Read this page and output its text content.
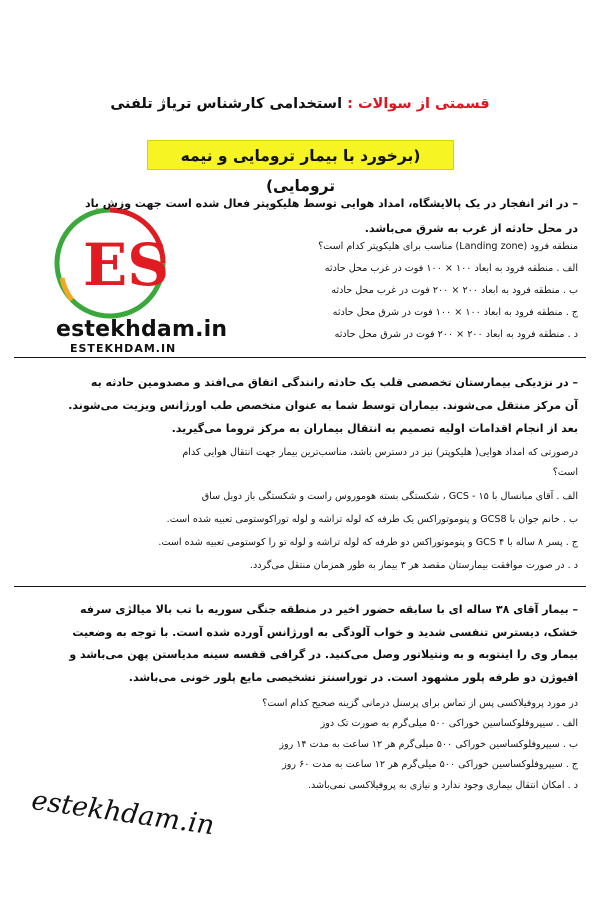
قسمتی از سوالات : استخدامی کارشناس تریاژ تلفنی
(برخورد با بیمار ترومایی و نیمه ترومایی)
ES
estekhdam.in
ESTEKHDAM.IN
– در اثر انفجار در یک پالایشگاه، امداد هوایی توسط هلیکوپتر فعال شده است جهت وزش باد
در محل حادثه از غرب به شرق می‌باشد.
منطقه فرود (Landing zone) مناسب برای هلیکوپتر کدام است؟
الف . منطقه فرود به ابعاد ۱۰۰ × ۱۰۰ فوت در غرب محل حادثه
ب . منطقه فرود به ابعاد ۲۰۰ × ۲۰۰ فوت در غرب محل حادثه
ج . منطقه فرود به ابعاد ۱۰۰ × ۱۰۰ فوت در شرق محل حادثه
د . منطقه فرود به ابعاد ۲۰۰ × ۲۰۰ فوت در شرق محل حادثه
– در نزدیکی بیمارستان تخصصی قلب یک حادثه رانندگی اتفاق می‌افتد و مصدومین حادثه به
آن مرکز منتقل می‌شوند. بیماران توسط شما به عنوان متخصص طب اورژانس ویزیت می‌شوند.
بعد از انجام اقدامات اولیه تصمیم به انتقال بیماران به مرکز تروما می‌گیرید.
درصورتی که امداد هوایی( هلیکوپتر) نیز در دسترس باشد، مناسب‌ترین بیمار جهت انتقال هوایی کدام
است؟
الف . آقای مبانسال با GCS - ۱۵ ، شکستگی بسته هوموروس راست و شکستگی باز دوبل ساق
ب . خانم جوان با GCS8 و پنوموتوراکس یک طرفه که لوله تراشه و لوله توراکوستومی تعبیه شده است.
ج . پسر ۸ ساله با GCS ۴ و پنوموتوراکس دو طرفه که لوله تراشه و لوله تو را کوستومی تعبیه شده است.
د . در صورت موافقت بیمارستان مقصد هر ۳ بیمار به طور همزمان منتقل می‌گردد.
– بیمار آقای ۳۸ ساله ای با سابقه حضور اخیر در منطقه جنگی سوریه با تب بالا میالژی سرفه
خشک، دیسترس تنفسی شدید و خواب آلودگی به اورژانس آورده شده است. با توجه به وضعیت
بیمار وی را اینتوبه و به ونتیلاتور وصل می‌کنید. در گرافی قفسه سینه مدیاستن پهن می‌باشد و
افیوژن دو طرفه پلور مشهود است. در توراسنتز تشخیصی مایع پلور خونی می‌باشد.
در مورد پروفیلاکسی پس از تماس برای پرسنل درمانی گزینه صحیح کدام است؟
الف . سیپروفلوکساسین خوراکی ۵۰۰ میلی‌گرم به صورت تک دوز
ب . سیپروفلوکساسین خوراکی ۵۰۰ میلی‌گرم هر ۱۲ ساعت به مدت ۱۴ روز
ج . سیپروفلوکساسین خوراکی ۵۰۰ میلی‌گرم هر ۱۲ ساعت به مدت ۶۰ روز
د . امکان انتقال بیماری وجود ندارد و نیازی به پروفیلاکسی نمی‌باشد.
estekhdam.in
